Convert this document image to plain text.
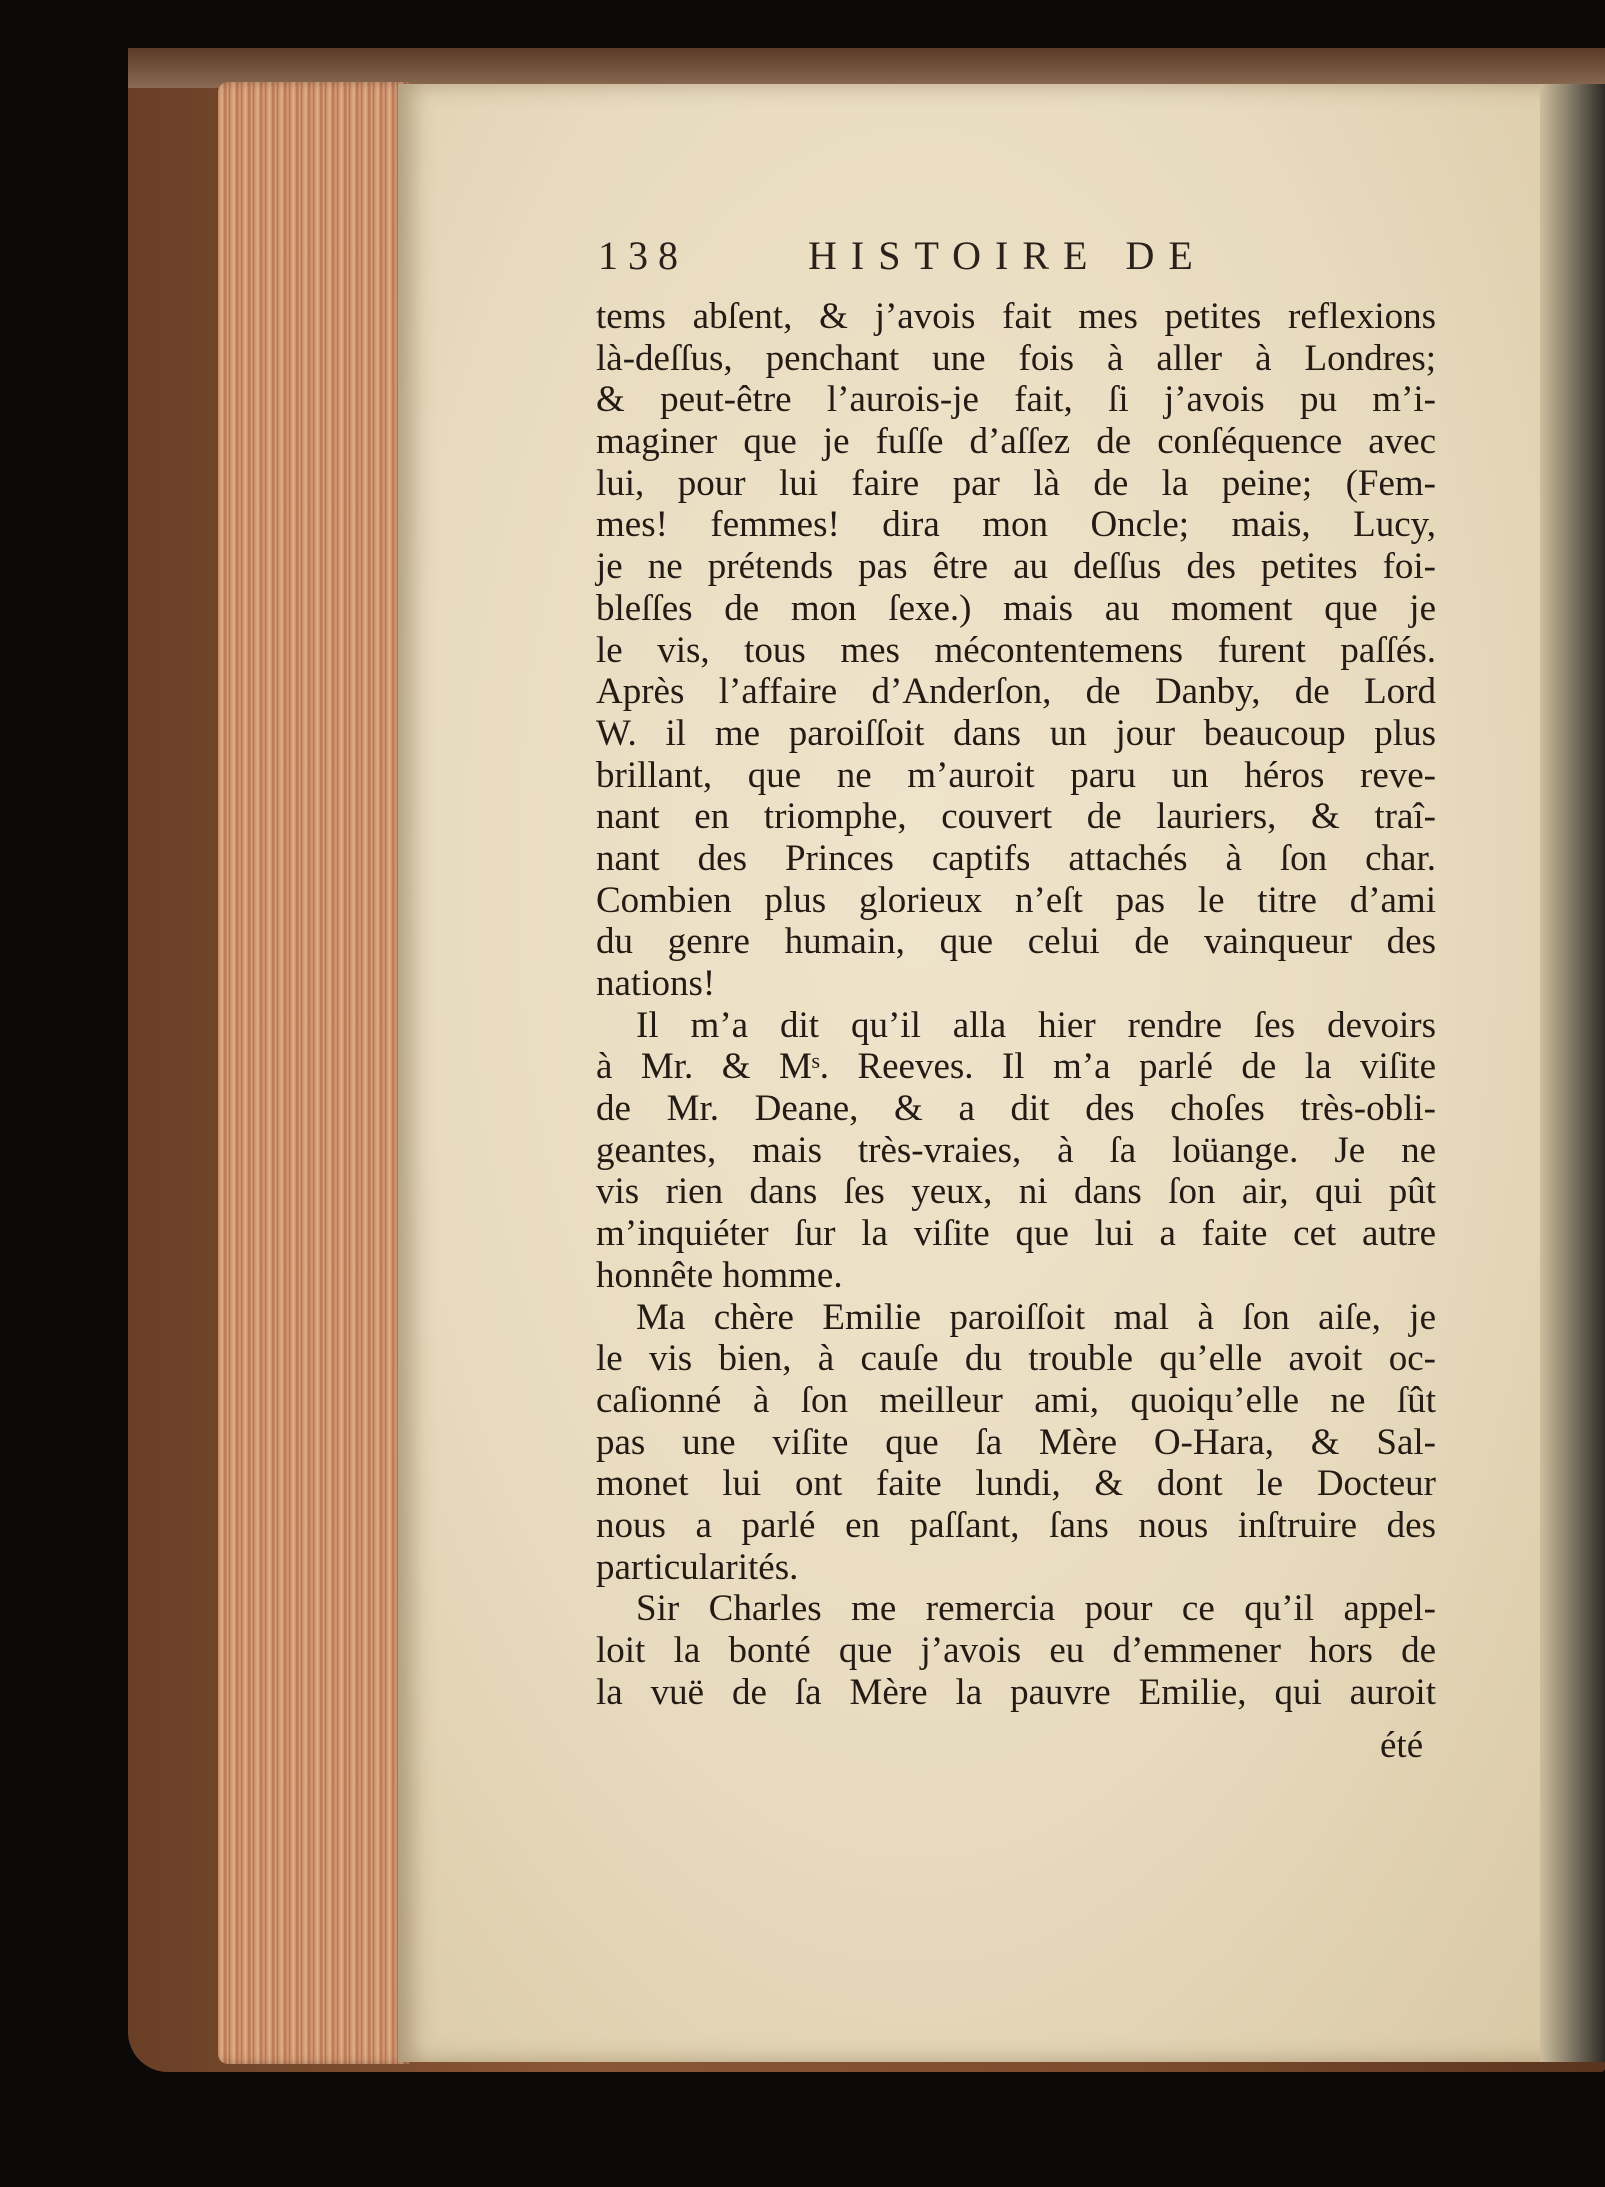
138	HISTOIRE DE
tems abſent, & j’avois fait mes petites reflexions
là-deſſus, penchant une fois à aller à Londres;
& peut-être l’aurois-je fait, ſi j’avois pu m’i-
maginer que je fuſſe d’aſſez de conſéquence avec
lui, pour lui faire par là de la peine; (Fem-
mes! femmes! dira mon Oncle; mais, Lucy,
je ne prétends pas être au deſſus des petites foi-
bleſſes de mon ſexe.) mais au moment que je
le vis, tous mes mécontentemens furent paſſés.
Après l’affaire d’Anderſon, de Danby, de Lord
W. il me paroiſſoit dans un jour beaucoup plus
brillant, que ne m’auroit paru un héros reve-
nant en triomphe, couvert de lauriers, & traî-
nant des Princes captifs attachés à ſon char.
Combien plus glorieux n’eſt pas le titre d’ami
du genre humain, que celui de vainqueur des
nations!
Il m’a dit qu’il alla hier rendre ſes devoirs
à Mr. & Mˢ. Reeves. Il m’a parlé de la viſite
de Mr. Deane, & a dit des choſes très-obli-
geantes, mais très-vraies, à ſa loüange. Je ne
vis rien dans ſes yeux, ni dans ſon air, qui pût
m’inquiéter ſur la viſite que lui a faite cet autre
honnête homme.
Ma chère Emilie paroiſſoit mal à ſon aiſe, je
le vis bien, à cauſe du trouble qu’elle avoit oc-
caſionné à ſon meilleur ami, quoiqu’elle ne ſût
pas une viſite que ſa Mère O-Hara, & Sal-
monet lui ont faite lundi, & dont le Docteur
nous a parlé en paſſant, ſans nous inſtruire des
particularités.
Sir Charles me remercia pour ce qu’il appel-
loit la bonté que j’avois eu d’emmener hors de
la vuë de ſa Mère la pauvre Emilie, qui auroit
été
